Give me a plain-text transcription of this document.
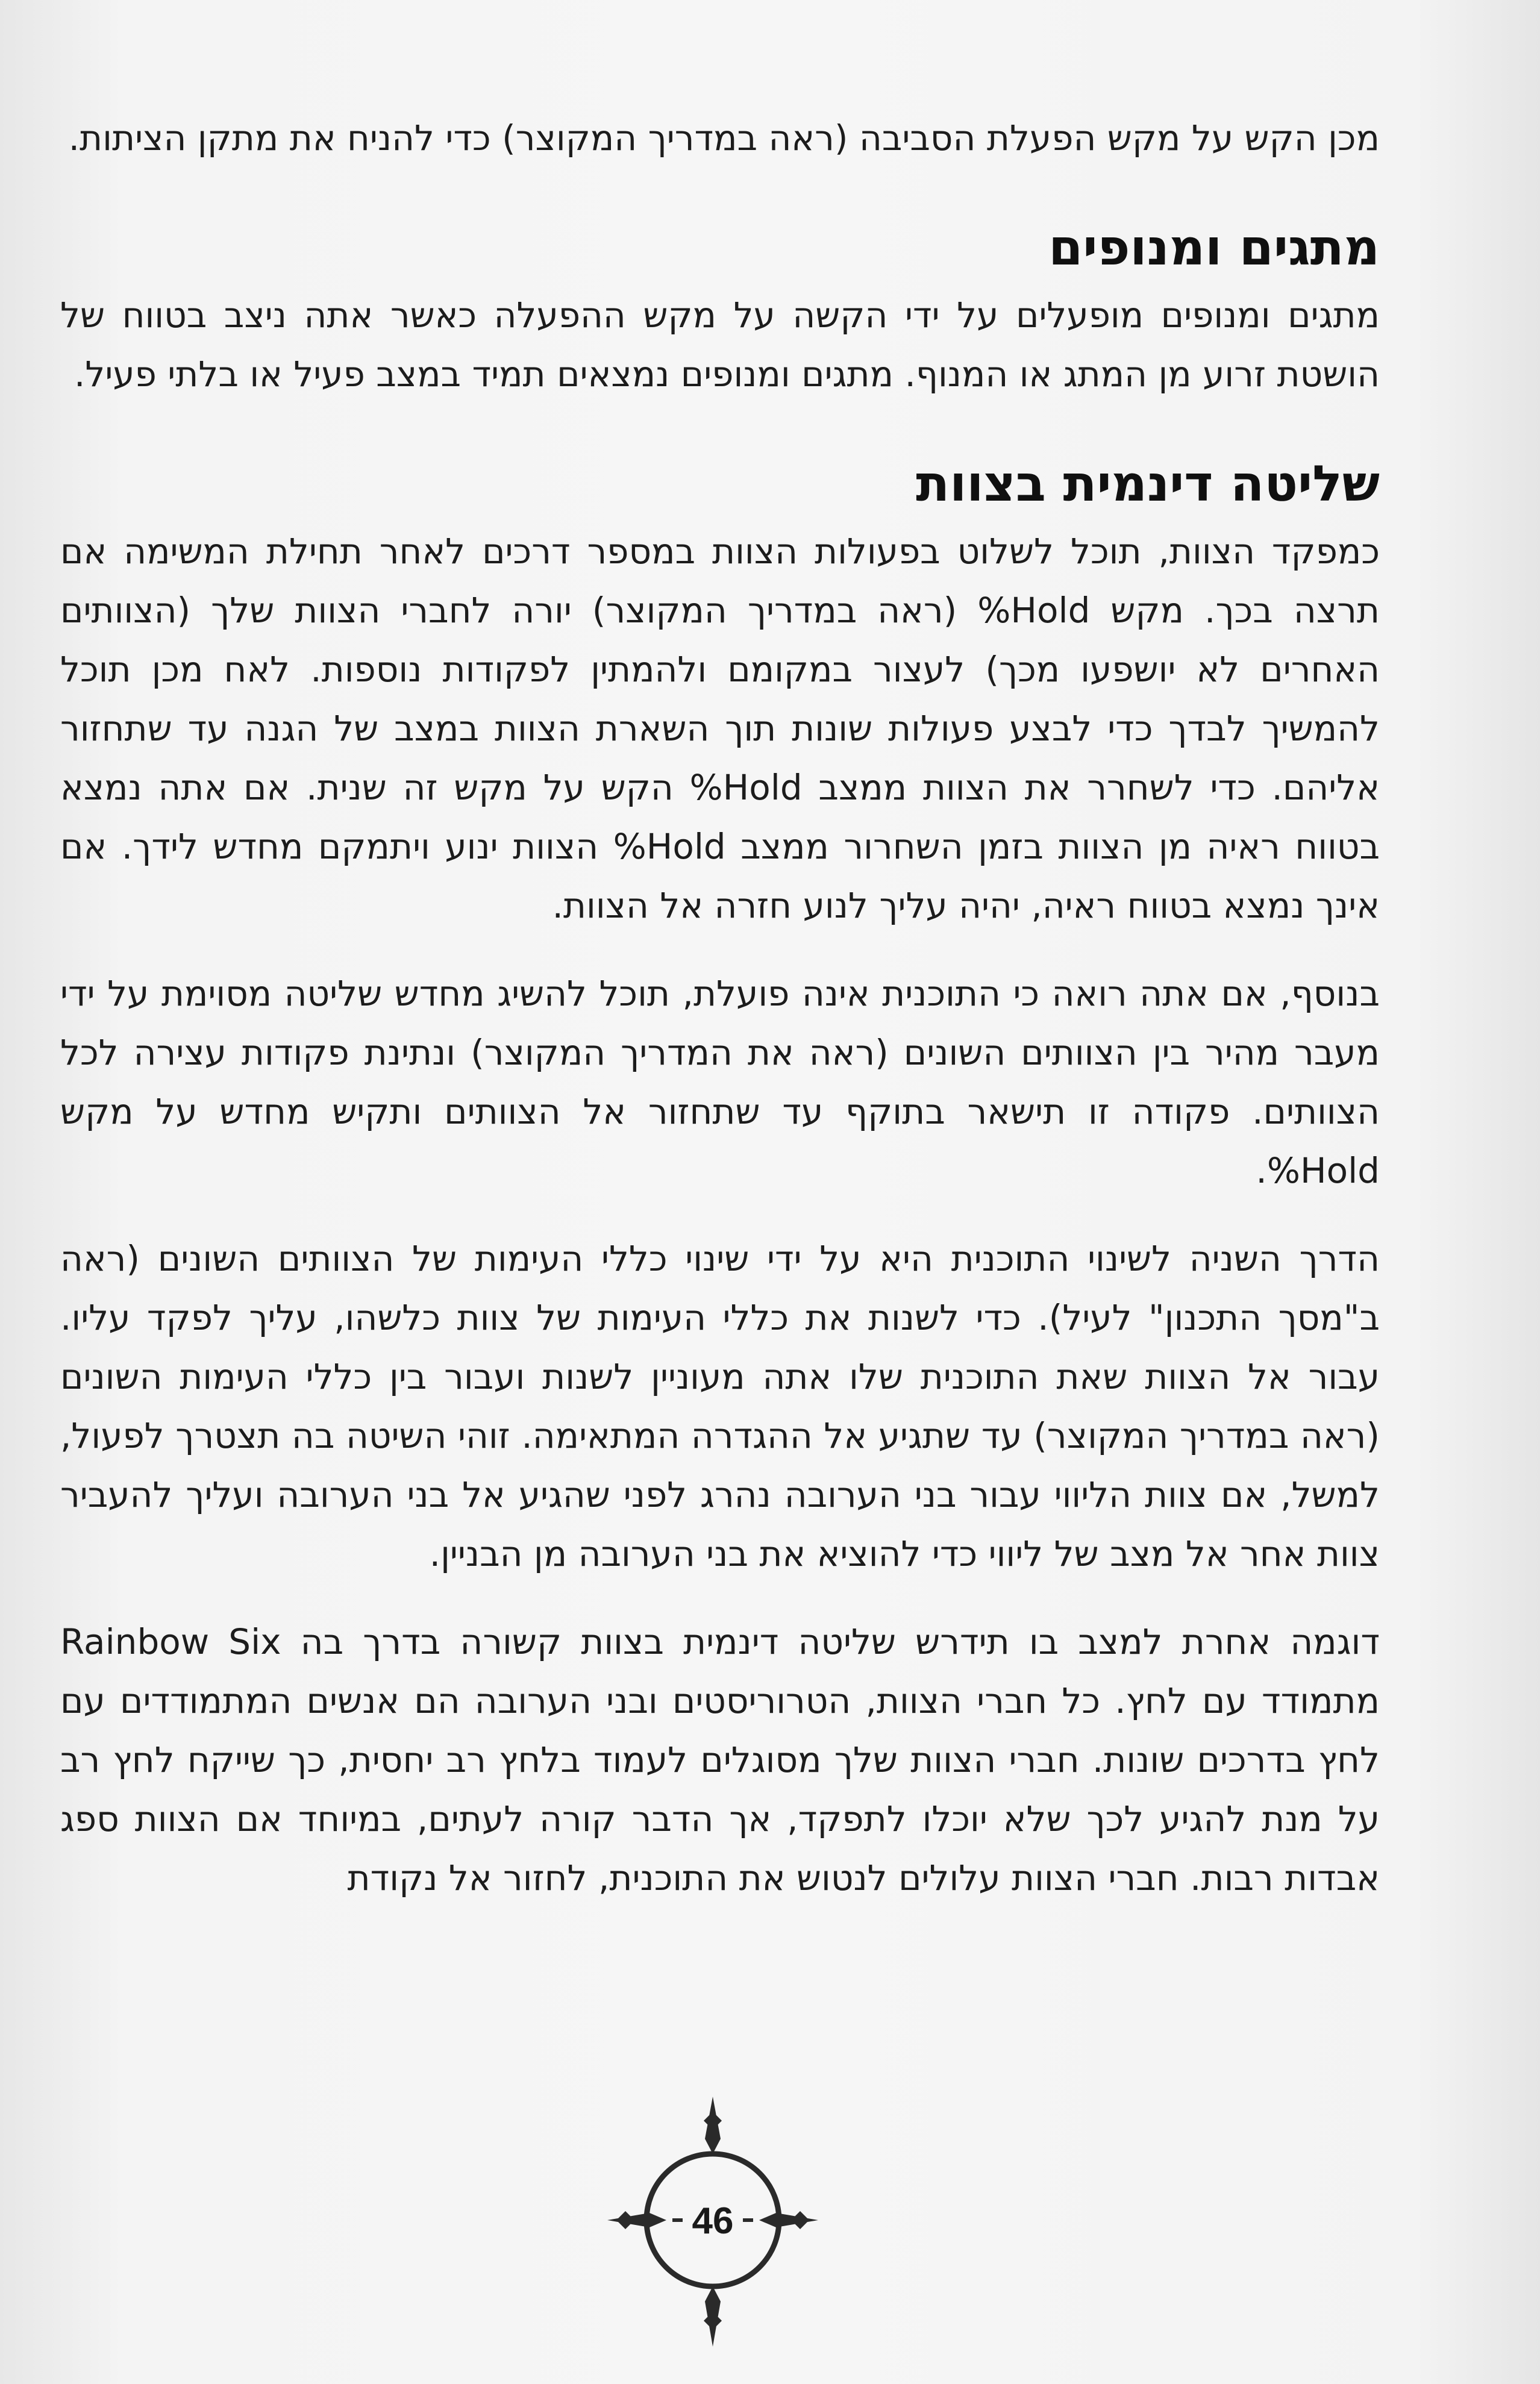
מכן הקש על מקש הפעלת הסביבה (ראה במדריך המקוצר) כדי להניח את מתקן הציתות.

מתגים ומנופים

מתגים ומנופים מופעלים על ידי הקשה על מקש ההפעלה כאשר אתה ניצב בטווח של הושטת זרוע מן המתג או המנוף. מתגים ומנופים נמצאים תמיד במצב פעיל או בלתי פעיל.

שליטה דינמית בצוות

כמפקד הצוות, תוכל לשלוט בפעולות הצוות במספר דרכים לאחר תחילת המשימה אם תרצה בכך. מקש Hold% (ראה במדריך המקוצר) יורה לחברי הצוות שלך (הצוותים האחרים לא יושפעו מכך) לעצור במקומם ולהמתין לפקודות נוספות. לאח מכן תוכל להמשיך לבדך כדי לבצע פעולות שונות תוך השארת הצוות במצב של הגנה עד שתחזור אליהם. כדי לשחרר את הצוות ממצב Hold% הקש על מקש זה שנית. אם אתה נמצא בטווח ראיה מן הצוות בזמן השחרור ממצב Hold% הצוות ינוע ויתמקם מחדש לידך. אם אינך נמצא בטווח ראיה, יהיה עליך לנוע חזרה אל הצוות.

בנוסף, אם אתה רואה כי התוכנית אינה פועלת, תוכל להשיג מחדש שליטה מסוימת על ידי מעבר מהיר בין הצוותים השונים (ראה את המדריך המקוצר) ונתינת פקודות עצירה לכל הצוותים. פקודה זו תישאר בתוקף עד שתחזור אל הצוותים ותקיש מחדש על מקש Hold%.

הדרך השניה לשינוי התוכנית היא על ידי שינוי כללי העימות של הצוותים השונים (ראה ב"מסך התכנון" לעיל). כדי לשנות את כללי העימות של צוות כלשהו, עליך לפקד עליו. עבור אל הצוות שאת התוכנית שלו אתה מעוניין לשנות ועבור בין כללי העימות השונים (ראה במדריך המקוצר) עד שתגיע אל ההגדרה המתאימה. זוהי השיטה בה תצטרך לפעול, למשל, אם צוות הליווי עבור בני הערובה נהרג לפני שהגיע אל בני הערובה ועליך להעביר צוות אחר אל מצב של ליווי כדי להוציא את בני הערובה מן הבניין.

דוגמה אחרת למצב בו תידרש שליטה דינמית בצוות קשורה בדרך בה Rainbow Six מתמודד עם לחץ. כל חברי הצוות, הטרוריסטים ובני הערובה הם אנשים המתמודדים עם לחץ בדרכים שונות. חברי הצוות שלך מסוגלים לעמוד בלחץ רב יחסית, כך שייקח לחץ רב על מנת להגיע לכך שלא יוכלו לתפקד, אך הדבר קורה לעתים, במיוחד אם הצוות ספג אבדות רבות. חברי הצוות עלולים לנטוש את התוכנית, לחזור אל נקודת

46
